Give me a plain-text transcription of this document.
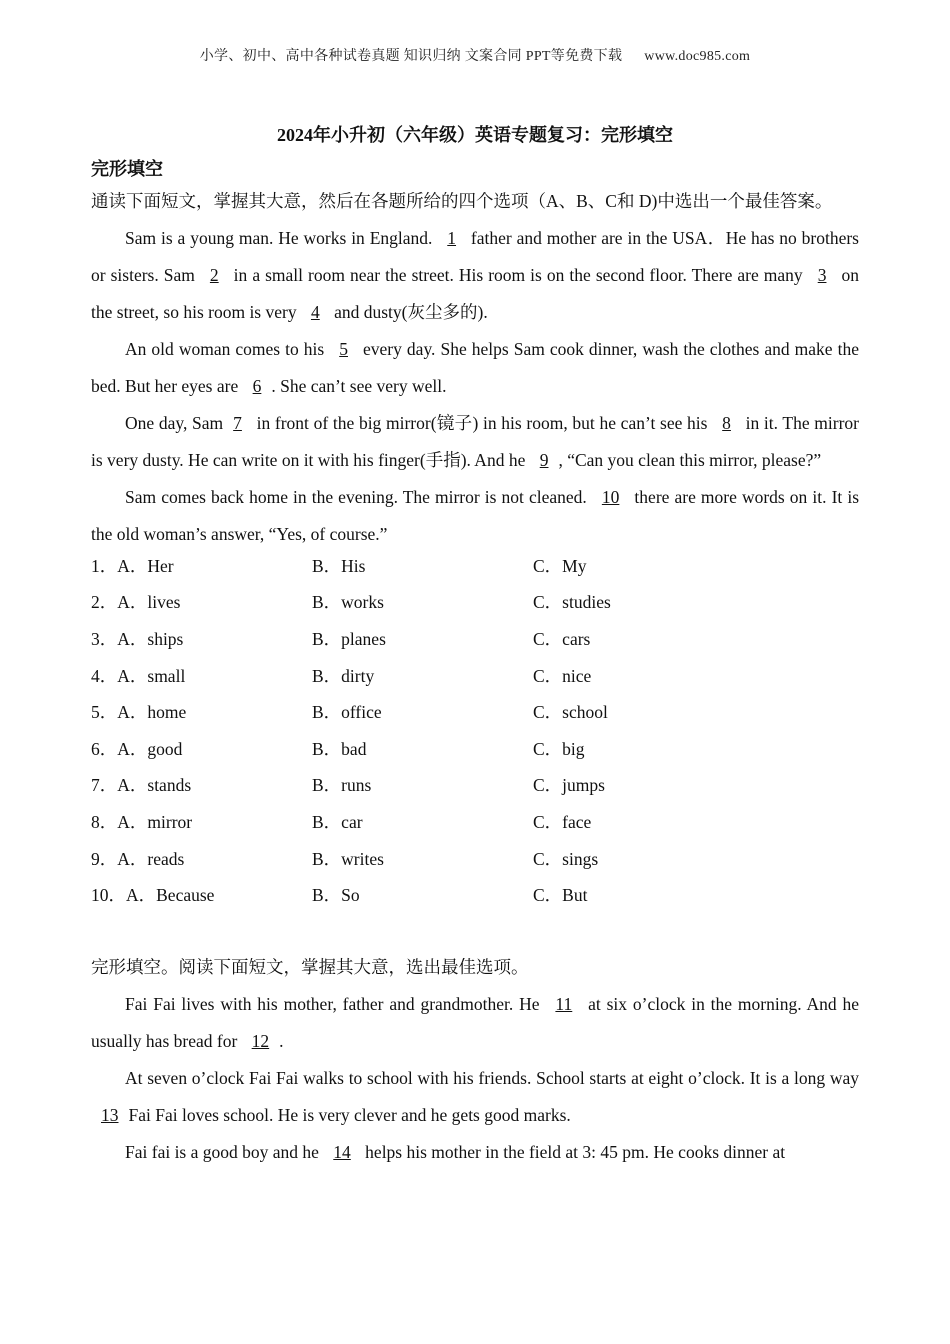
小学、初中、高中各种试卷真题 知识归纳 文案合同 PPT等免费下载 www.doc985.com
2024年小升初（六年级）英语专题复习：完形填空

完形填空

通读下面短文，掌握其大意，然后在各题所给的四个选项（A、B、C和 D)中选出一个最佳答案。

Sam is a young man. He works in England. 1 father and mother are in the USA．He has no brothers or sisters. Sam 2 in a small room near the street. His room is on the second floor. There are many 3 on the street, so his room is very 4 and dusty(灰尘多的).

An old woman comes to his 5 every day. She helps Sam cook dinner, wash the clothes and make the bed. But her eyes are 6 . She can’t see very well.

One day, Sam 7 in front of the big mirror(镜子) in his room, but he can’t see his 8 in it. The mirror is very dusty. He can write on it with his finger(手指). And he 9 , “Can you clean this mirror, please?”

Sam comes back home in the evening. The mirror is not cleaned. 10 there are more words on it. It is the old woman’s answer, “Yes, of course.”

1．A．Her	B．His	C．My
2．A．lives	B．works	C．studies
3．A．ships	B．planes	C．cars
4．A．small	B．dirty	C．nice
5．A．home	B．office	C．school
6．A．good	B．bad	C．big
7．A．stands	B．runs	C．jumps
8．A．mirror	B．car	C．face
9．A．reads	B．writes	C．sings
10．A．Because	B．So	C．But

完形填空。阅读下面短文，掌握其大意，选出最佳选项。

Fai Fai lives with his mother, father and grandmother. He 11 at six o’clock in the morning. And he usually has bread for 12 .

At seven o’clock Fai Fai walks to school with his friends. School starts at eight o’clock. It is a long way 13 Fai Fai loves school. He is very clever and he gets good marks.

Fai fai is a good boy and he 14 helps his mother in the field at 3: 45 pm. He cooks dinner at
